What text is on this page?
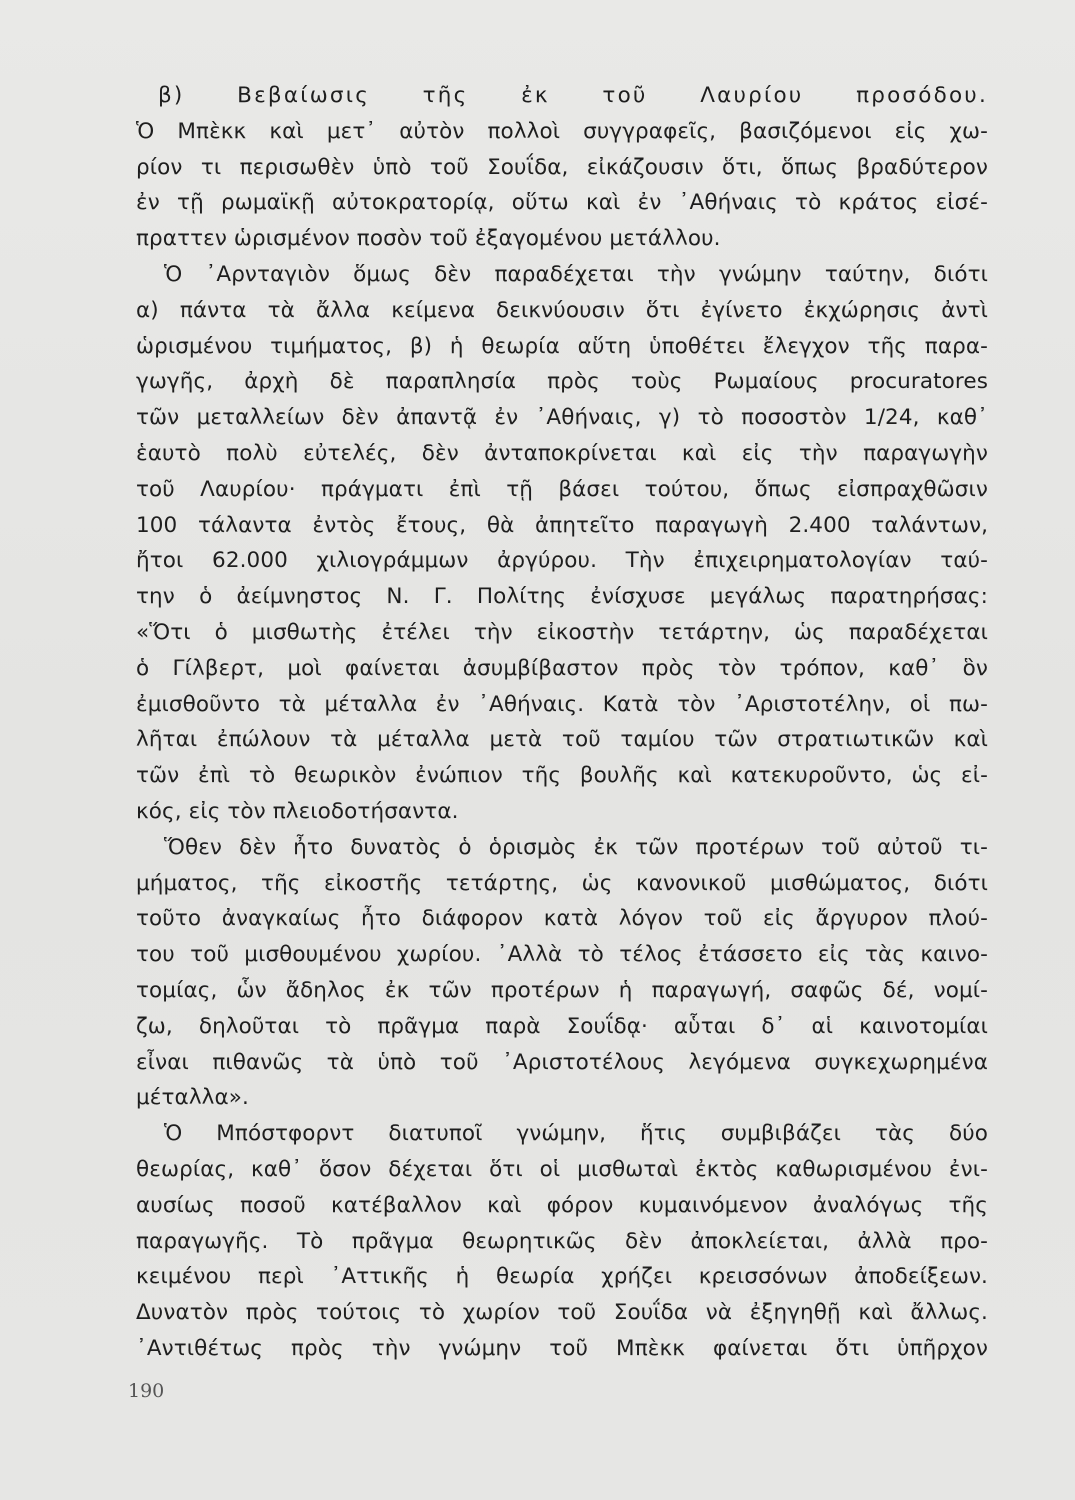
β) Βεβαίωσις τῆς ἐκ τοῦ Λαυρίου προσόδου.
Ὁ Μπὲκκ καὶ μετ᾽ αὐτὸν πολλοὶ συγγραφεῖς, βασιζόμενοι εἰς χω-
ρίον τι περισωθὲν ὑπὸ τοῦ Σουΐδα, εἰκάζουσιν ὅτι, ὅπως βραδύτερον
ἐν τῇ ρωμαϊκῇ αὐτοκρατορίᾳ, οὕτω καὶ ἐν ᾽Αθήναις τὸ κράτος εἰσέ-
πραττεν ὡρισμένον ποσὸν τοῦ ἐξαγομένου μετάλλου.
Ὁ ᾽Αρνταγιὸν ὅμως δὲν παραδέχεται τὴν γνώμην ταύτην, διότι
α) πάντα τὰ ἄλλα κείμενα δεικνύουσιν ὅτι ἐγίνετο ἐκχώρησις ἀντὶ
ὡρισμένου τιμήματος, β) ἡ θεωρία αὕτη ὑποθέτει ἔλεγχον τῆς παρα-
γωγῆς, ἀρχὴ δὲ παραπλησία πρὸς τοὺς Ρωμαίους procuratores
τῶν μεταλλείων δὲν ἀπαντᾷ ἐν ᾽Αθήναις, γ) τὸ ποσοστὸν 1/24, καθ᾽
ἑαυτὸ πολὺ εὐτελές, δὲν ἀνταποκρίνεται καὶ εἰς τὴν παραγωγὴν
τοῦ Λαυρίου· πράγματι ἐπὶ τῇ βάσει τούτου, ὅπως εἰσπραχθῶσιν
100 τάλαντα ἐντὸς ἔτους, θὰ ἀπητεῖτο παραγωγὴ 2.400 ταλάντων,
ἤτοι 62.000 χιλιογράμμων ἀργύρου. Τὴν ἐπιχειρηματολογίαν ταύ-
την ὁ ἀείμνηστος Ν. Γ. Πολίτης ἐνίσχυσε μεγάλως παρατηρήσας:
«Ὅτι ὁ μισθωτὴς ἐτέλει τὴν εἰκοστὴν τετάρτην, ὡς παραδέχεται
ὁ Γίλβερτ, μοὶ φαίνεται ἀσυμβίβαστον πρὸς τὸν τρόπον, καθ᾽ ὃν
ἐμισθοῦντο τὰ μέταλλα ἐν ᾽Αθήναις. Κατὰ τὸν ᾽Αριστοτέλην, οἱ πω-
λῆται ἐπώλουν τὰ μέταλλα μετὰ τοῦ ταμίου τῶν στρατιωτικῶν καὶ
τῶν ἐπὶ τὸ θεωρικὸν ἐνώπιον τῆς βουλῆς καὶ κατεκυροῦντο, ὡς εἰ-
κός, εἰς τὸν πλειοδοτήσαντα.
Ὅθεν δὲν ἦτο δυνατὸς ὁ ὁρισμὸς ἐκ τῶν προτέρων τοῦ αὐτοῦ τι-
μήματος, τῆς εἰκοστῆς τετάρτης, ὡς κανονικοῦ μισθώματος, διότι
τοῦτο ἀναγκαίως ἦτο διάφορον κατὰ λόγον τοῦ εἰς ἄργυρον πλού-
του τοῦ μισθουμένου χωρίου. ᾽Αλλὰ τὸ τέλος ἐτάσσετο εἰς τὰς καινο-
τομίας, ὧν ἄδηλος ἐκ τῶν προτέρων ἡ παραγωγή, σαφῶς δέ, νομί-
ζω, δηλοῦται τὸ πρᾶγμα παρὰ Σουΐδᾳ· αὗται δ᾽ αἱ καινοτομίαι
εἶναι πιθανῶς τὰ ὑπὸ τοῦ ᾽Αριστοτέλους λεγόμενα συγκεχωρημένα
μέταλλα».
Ὁ Μπόστφορντ διατυποῖ γνώμην, ἥτις συμβιβάζει τὰς δύο
θεωρίας, καθ᾽ ὅσον δέχεται ὅτι οἱ μισθωταὶ ἐκτὸς καθωρισμένου ἐνι-
αυσίως ποσοῦ κατέβαλλον καὶ φόρον κυμαινόμενον ἀναλόγως τῆς
παραγωγῆς. Τὸ πρᾶγμα θεωρητικῶς δὲν ἀποκλείεται, ἀλλὰ προ-
κειμένου περὶ ᾽Αττικῆς ἡ θεωρία χρήζει κρεισσόνων ἀποδείξεων.
Δυνατὸν πρὸς τούτοις τὸ χωρίον τοῦ Σουΐδα νὰ ἐξηγηθῇ καὶ ἄλλως.
᾽Αντιθέτως πρὸς τὴν γνώμην τοῦ Μπὲκκ φαίνεται ὅτι ὑπῆρχον
190
